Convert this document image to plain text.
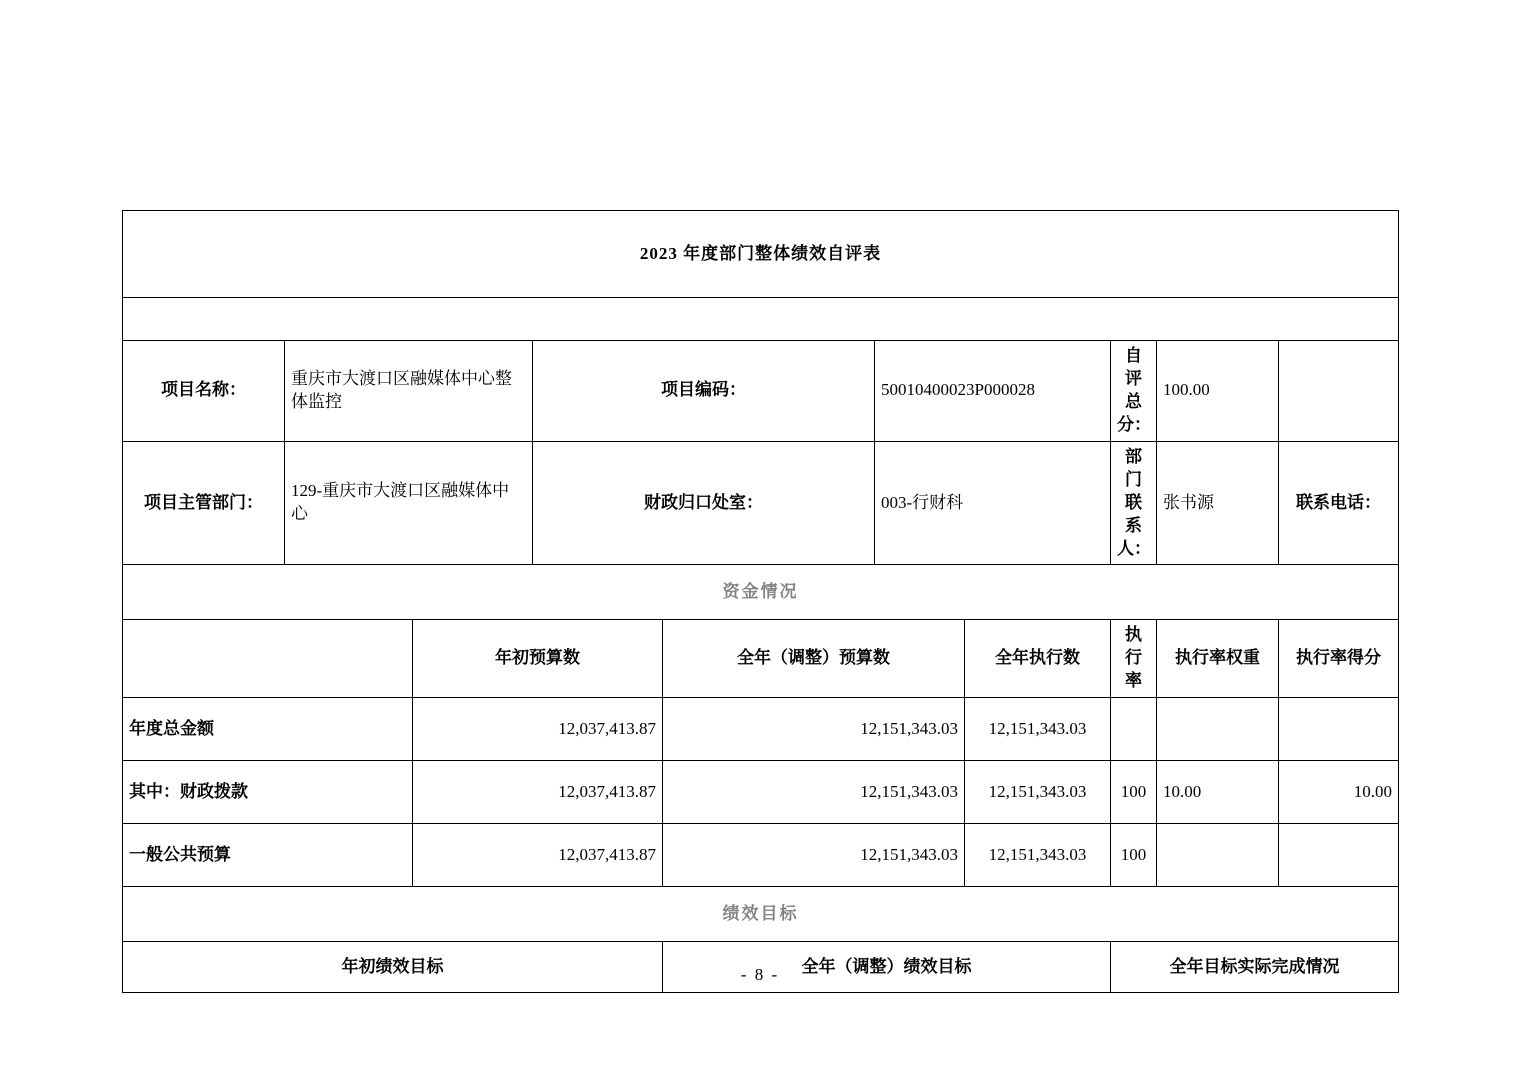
2023 年度部门整体绩效自评表									

项目名称：	重庆市大渡口区融媒体中心整体监控		项目编码：		50010400023P000028		自评总分：	100.00	
项目主管部门：	129-重庆市大渡口区融媒体中心		财政归口处室：		003-行财科		部门联系人：	张书源	联系电话：
资金情况									
		年初预算数		全年（调整）预算数		全年执行数	执行率	执行率权重	执行率得分
年度总金额		12,037,413.87		12,151,343.03		12,151,343.03			
其中：财政拨款		12,037,413.87		12,151,343.03		12,151,343.03	100	10.00	10.00
一般公共预算		12,037,413.87		12,151,343.03		12,151,343.03	100		
绩效目标									
年初绩效目标				全年（调整）绩效目标			全年目标实际完成情况		
- 8 -
